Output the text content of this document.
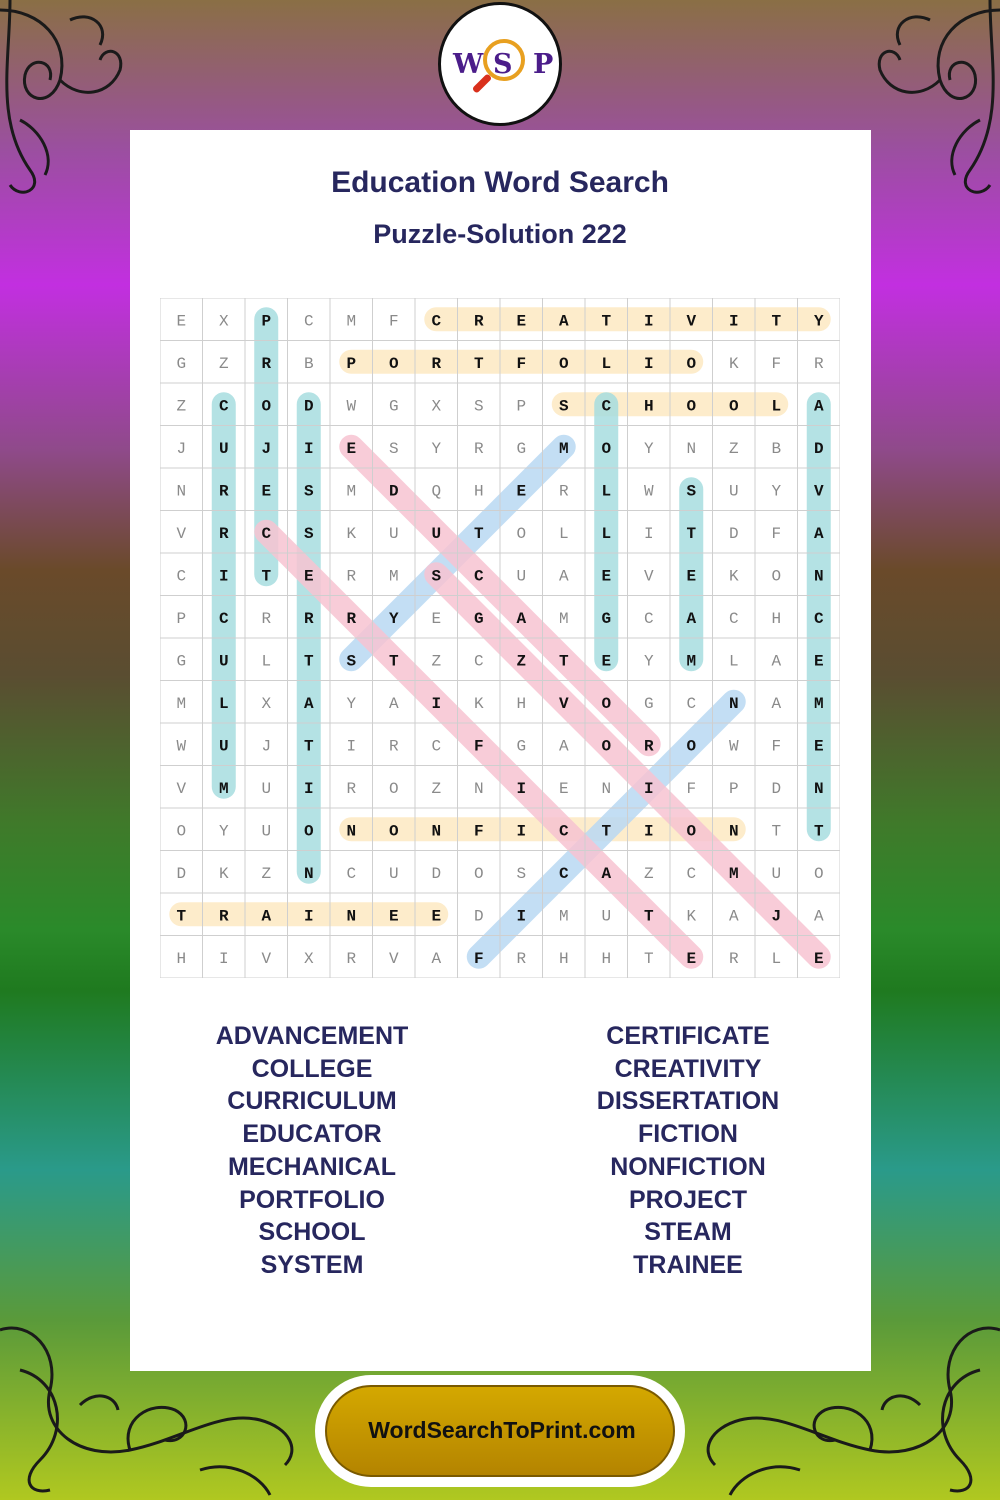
W S P
Education Word Search
Puzzle-Solution 222
E X P C M F C R E A T I V I T Y
G Z R B P O R T F O L I O K F R
Z C O D W G X S P S C H O O L A
J U J I E S Y R G M O Y N Z B D
N R E S M D Q H E R L W S U Y V
V R C S K U U T O L L I T D F A
C I T E R M S C U A E V E K O N
P C R R R Y E G A M G C A C H C
G U L T S T Z C Z T E Y M L A E
M L X A Y A I K H V O G C N A M
W U J T I R C F G A O R O W F E
V M U I R O Z N I E N I F P D N
O Y U O N O N F I C T I O N T T
D K Z N C U D O S C A Z C M U O
T R A I N E E D I M U T K A J A
H I V X R V A F R H H T E R L E
ADVANCEMENT
COLLEGE
CURRICULUM
EDUCATOR
MECHANICAL
PORTFOLIO
SCHOOL
SYSTEM
CERTIFICATE
CREATIVITY
DISSERTATION
FICTION
NONFICTION
PROJECT
STEAM
TRAINEE
WordSearchToPrint.com
